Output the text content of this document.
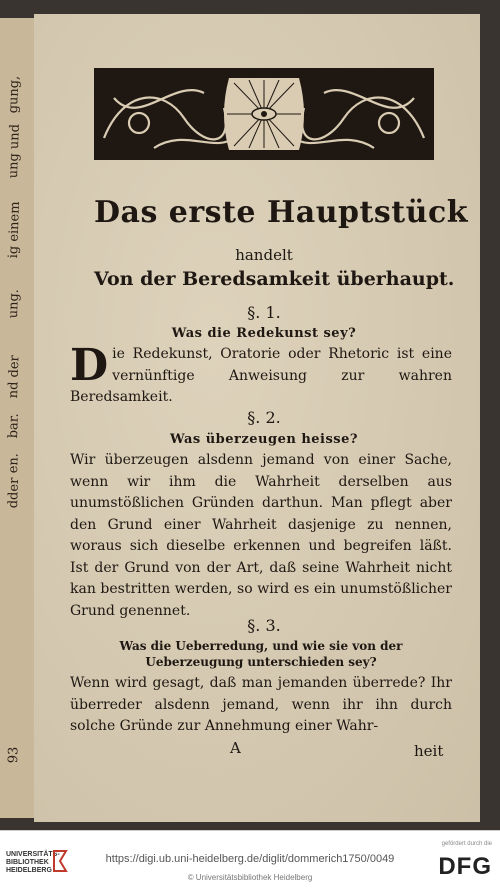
gung,
ung und
ig einem
ung.
nd der
bar.
en.
dder
93
Das erste Hauptstück
handelt
Von der Beredsamkeit überhaupt.
§. 1.
Was die Redekunst sey?
Die Redekunst, Oratorie oder Rhetoric ist eine vernünftige Anweisung zur wahren Beredsamkeit.
§. 2.
Was überzeugen heisse?
Wir überzeugen alsdenn jemand von einer Sache, wenn wir ihm die Wahrheit derselben aus unumstößlichen Gründen darthun. Man pflegt aber den Grund einer Wahrheit dasjenige zu nennen, woraus sich dieselbe erkennen und begreifen läßt. Ist der Grund von der Art, daß seine Wahrheit nicht kan bestritten werden, so wird es ein unumstößlicher Grund genennet.
§. 3.
Was die Ueberredung, und wie sie von der Ueberzeugung unterschieden sey?
Wenn wird gesagt, daß man jemanden überrede? Ihr überreder alsdenn jemand, wenn ihr ihn durch solche Gründe zur Annehmung einer Wahr-
A	heit
UNIVERSITÄTS-
BIBLIOTHEK
HEIDELBERG
https://digi.ub.uni-heidelberg.de/diglit/dommerich1750/0049
© Universitätsbibliothek Heidelberg
gefördert durch die
DFG
